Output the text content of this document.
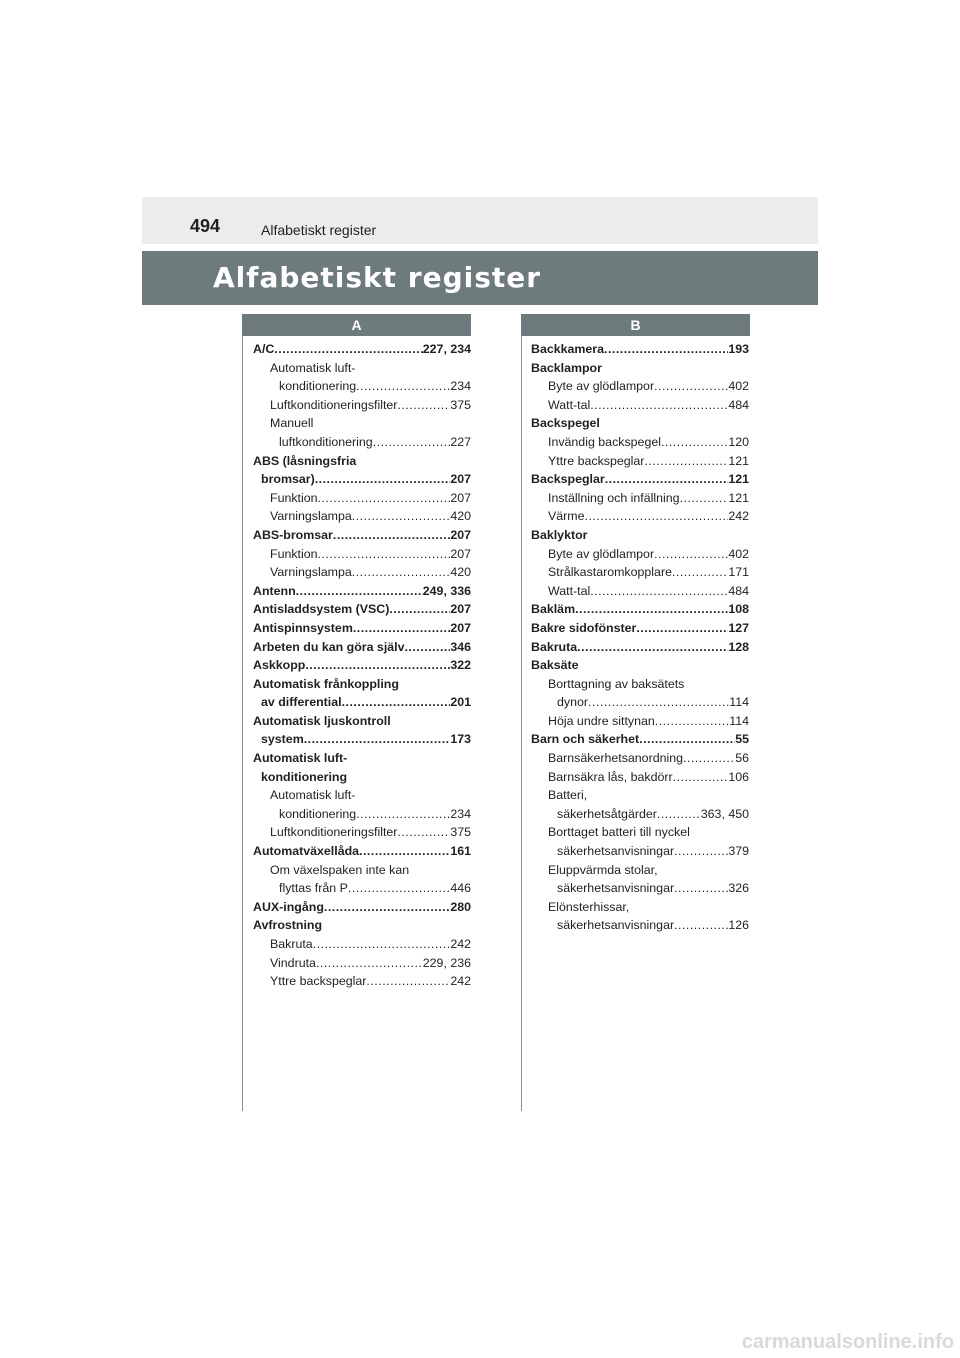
494	Alfabetiskt register
Alfabetiskt register
A	B
A/C .....	227, 234
Automatisk luft-
konditionering .....	234
Luftkonditioneringsfilter .....	375
Manuell
luftkonditionering .....	227
ABS (låsningsfria
bromsar) .....	207
Funktion .....	207
Varningslampa .....	420
ABS-bromsar .....	207
Funktion .....	207
Varningslampa .....	420
Antenn .....	249, 336
Antisladdsystem (VSC) .....	207
Antispinnsystem .....	207
Arbeten du kan göra själv .....	346
Askkopp .....	322
Automatisk frånkoppling
av differential .....	201
Automatisk ljuskontroll
system .....	173
Automatisk luft-
konditionering
Automatisk luft-
konditionering .....	234
Luftkonditioneringsfilter .....	375
Automatväxellåda .....	161
Om växelspaken inte kan
flyttas från P .....	446
AUX-ingång .....	280
Avfrostning
Bakruta .....	242
Vindruta .....	229, 236
Yttre backspeglar .....	242
Backkamera .....	193
Backlampor
Byte av glödlampor .....	402
Watt-tal .....	484
Backspegel
Invändig backspegel .....	120
Yttre backspeglar .....	121
Backspeglar .....	121
Inställning och infällning .....	121
Värme .....	242
Baklyktor
Byte av glödlampor .....	402
Strålkastaromkopplare .....	171
Watt-tal .....	484
Bakläm .....	108
Bakre sidofönster .....	127
Bakruta .....	128
Baksäte
Borttagning av baksätets
dynor .....	114
Höja undre sittynan .....	114
Barn och säkerhet .....	55
Barnsäkerhetsanordning .....	56
Barnsäkra lås, bakdörr .....	106
Batteri,
säkerhetsåtgärder .....	363, 450
Borttaget batteri till nyckel
säkerhetsanvisningar .....	379
Eluppvärmda stolar,
säkerhetsanvisningar .....	326
Elönsterhissar,
säkerhetsanvisningar .....	126
carmanualsonline.info
